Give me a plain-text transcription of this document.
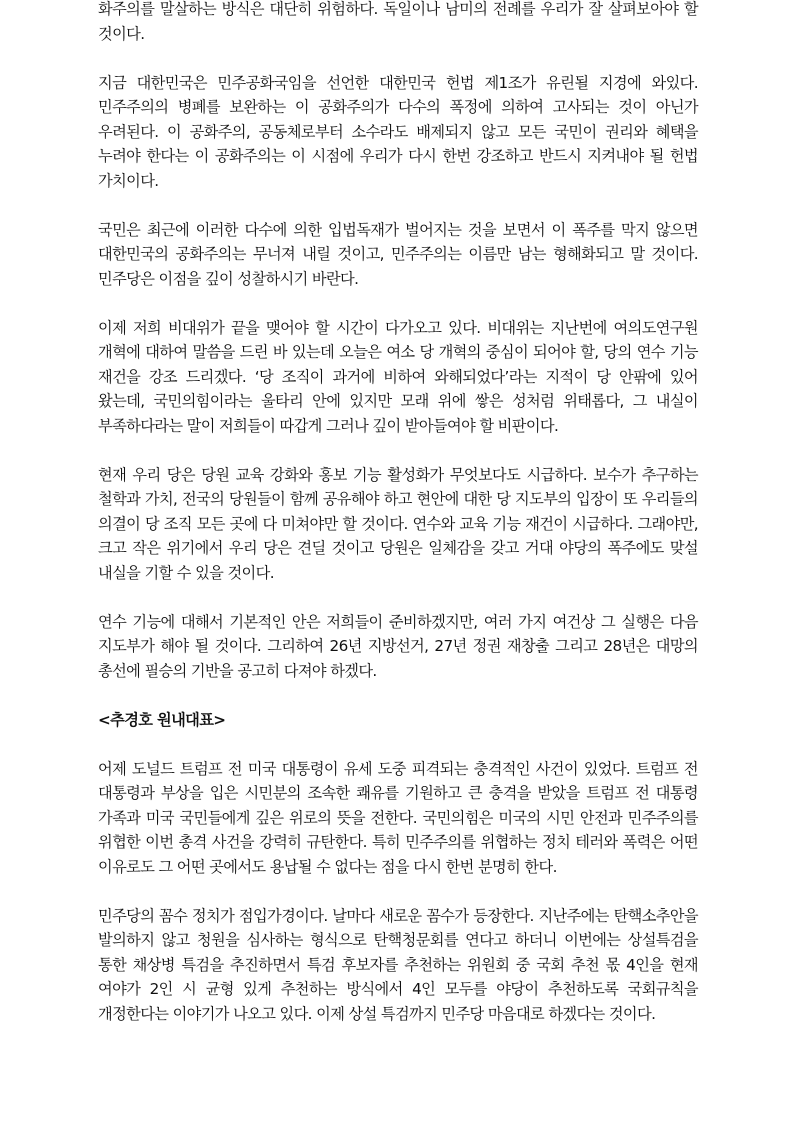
화주의를 말살하는 방식은 대단히 위험하다. 독일이나 남미의 전례를 우리가 잘 살펴보아야 할 것이다.

지금 대한민국은 민주공화국임을 선언한 대한민국 헌법 제1조가 유린될 지경에 와있다. 민주주의의 병폐를 보완하는 이 공화주의가 다수의 폭정에 의하여 고사되는 것이 아닌가 우려된다. 이 공화주의, 공동체로부터 소수라도 배제되지 않고 모든 국민이 권리와 혜택을 누려야 한다는 이 공화주의는 이 시점에 우리가 다시 한번 강조하고 반드시 지켜내야 될 헌법 가치이다.

국민은 최근에 이러한 다수에 의한 입법독재가 벌어지는 것을 보면서 이 폭주를 막지 않으면 대한민국의 공화주의는 무너져 내릴 것이고, 민주주의는 이름만 남는 형해화되고 말 것이다. 민주당은 이점을 깊이 성찰하시기 바란다.

이제 저희 비대위가 끝을 맺어야 할 시간이 다가오고 있다. 비대위는 지난번에 여의도연구원 개혁에 대하여 말씀을 드린 바 있는데 오늘은 여소 당 개혁의 중심이 되어야 할, 당의 연수 기능 재건을 강조 드리겠다. ‘당 조직이 과거에 비하여 와해되었다’라는 지적이 당 안팎에 있어 왔는데, 국민의힘이라는 울타리 안에 있지만 모래 위에 쌓은 성처럼 위태롭다, 그 내실이 부족하다라는 말이 저희들이 따갑게 그러나 깊이 받아들여야 할 비판이다.

현재 우리 당은 당원 교육 강화와 홍보 기능 활성화가 무엇보다도 시급하다. 보수가 추구하는 철학과 가치, 전국의 당원들이 함께 공유해야 하고 현안에 대한 당 지도부의 입장이 또 우리들의 의결이 당 조직 모든 곳에 다 미쳐야만 할 것이다. 연수와 교육 기능 재건이 시급하다. 그래야만, 크고 작은 위기에서 우리 당은 견딜 것이고 당원은 일체감을 갖고 거대 야당의 폭주에도 맞설 내실을 기할 수 있을 것이다.

연수 기능에 대해서 기본적인 안은 저희들이 준비하겠지만, 여러 가지 여건상 그 실행은 다음 지도부가 해야 될 것이다. 그리하여 26년 지방선거, 27년 정권 재창출 그리고 28년은 대망의 총선에 필승의 기반을 공고히 다져야 하겠다.

<추경호 원내대표>

어제 도널드 트럼프 전 미국 대통령이 유세 도중 피격되는 충격적인 사건이 있었다. 트럼프 전 대통령과 부상을 입은 시민분의 조속한 쾌유를 기원하고 큰 충격을 받았을 트럼프 전 대통령 가족과 미국 국민들에게 깊은 위로의 뜻을 전한다. 국민의힘은 미국의 시민 안전과 민주주의를 위협한 이번 총격 사건을 강력히 규탄한다. 특히 민주주의를 위협하는 정치 테러와 폭력은 어떤 이유로도 그 어떤 곳에서도 용납될 수 없다는 점을 다시 한번 분명히 한다.

민주당의 꼼수 정치가 점입가경이다. 날마다 새로운 꼼수가 등장한다. 지난주에는 탄핵소추안을 발의하지 않고 청원을 심사하는 형식으로 탄핵청문회를 연다고 하더니 이번에는 상설특검을 통한 채상병 특검을 추진하면서 특검 후보자를 추천하는 위원회 중 국회 추천 몫 4인을 현재 여야가 2인 시 균형 있게 추천하는 방식에서 4인 모두를 야당이 추천하도록 국회규칙을 개정한다는 이야기가 나오고 있다. 이제 상설 특검까지 민주당 마음대로 하겠다는 것이다.
